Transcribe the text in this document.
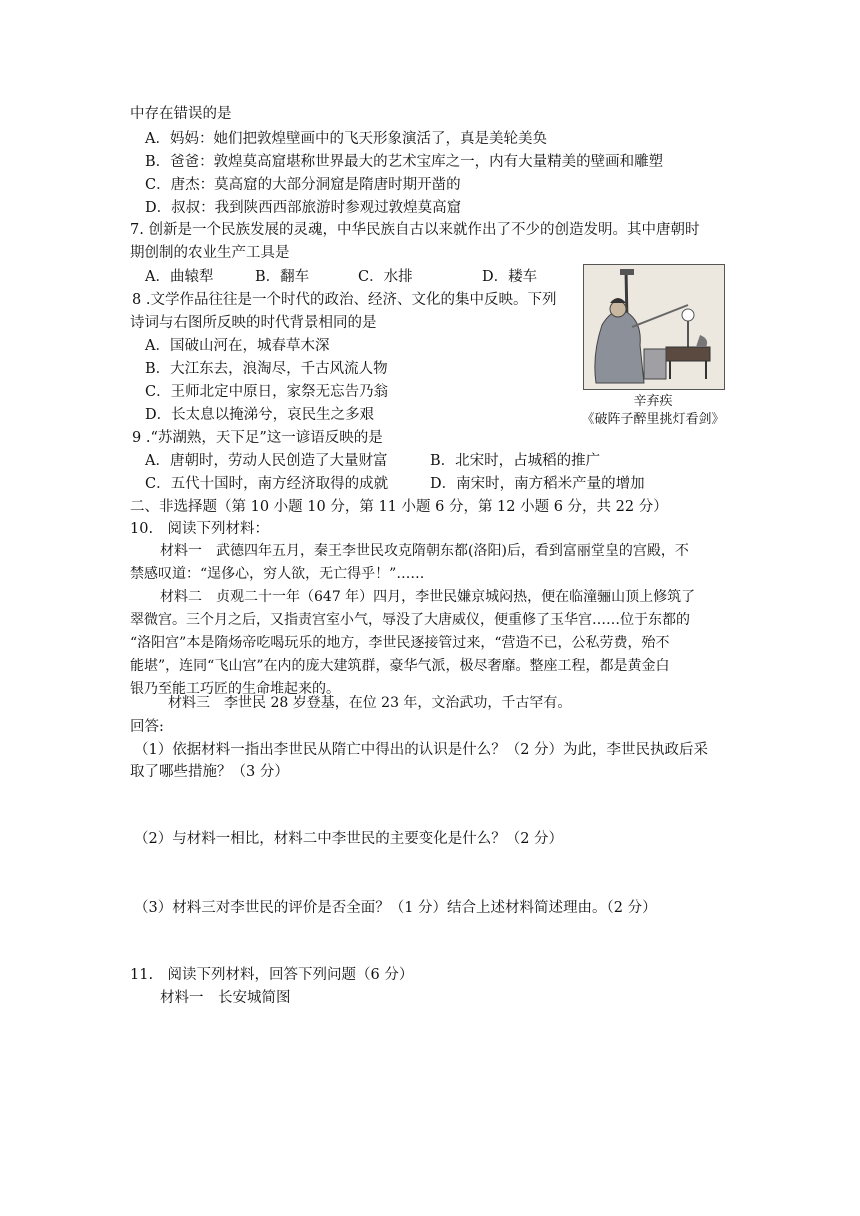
中存在错误的是
A．妈妈：她们把敦煌壁画中的飞天形象演活了，真是美轮美奂
B．爸爸：敦煌莫高窟堪称世界最大的艺术宝库之一，内有大量精美的壁画和雕塑
C．唐杰：莫高窟的大部分洞窟是隋唐时期开凿的
D．叔叔：我到陕西西部旅游时参观过敦煌莫高窟
7. 创新是一个民族发展的灵魂，中华民族自古以来就作出了不少的创造发明。其中唐朝时
期创制的农业生产工具是
A．曲辕犁	B．翻车	C．水排	D．耧车
8 .文学作品往往是一个时代的政治、经济、文化的集中反映。下列
诗词与右图所反映的时代背景相同的是
A．国破山河在，城春草木深
B．大江东去，浪淘尽，千古风流人物
C．王师北定中原日，家祭无忘告乃翁
D．长太息以掩涕兮，哀民生之多艰
辛弃疾
《破阵子醉里挑灯看剑》
9 .“苏湖熟，天下足”这一谚语反映的是
A．唐朝时，劳动人民创造了大量财富	B．北宋时，占城稻的推广
C．五代十国时，南方经济取得的成就	D．南宋时，南方稻米产量的增加
二、非选择题（第 10 小题 10 分，第 11 小题 6 分，第 12 小题 6 分，共 22 分）
10.　阅读下列材料：
材料一　武德四年五月，秦王李世民攻克隋朝东都(洛阳)后，看到富丽堂皇的宫殿，不
禁感叹道：“逞侈心，穷人欲，无亡得乎！”……
材料二　贞观二十一年（647 年）四月，李世民嫌京城闷热，便在临潼骊山顶上修筑了
翠微宫。三个月之后，又指责宫室小气，辱没了大唐威仪，便重修了玉华宫……位于东都的
“洛阳宫”本是隋炀帝吃喝玩乐的地方，李世民逐接管过来，“营造不已，公私劳费，殆不
能堪”，连同“飞山宫”在内的庞大建筑群，豪华气派，极尽奢靡。整座工程，都是黄金白
银乃至能工巧匠的生命堆起来的。
材料三　李世民 28 岁登基，在位 23 年，文治武功，千古罕有。
回答:
（1）依据材料一指出李世民从隋亡中得出的认识是什么？（2 分）为此，李世民执政后采
取了哪些措施？（3 分）
（2）与材料一相比，材料二中李世民的主要变化是什么？（2 分）
（3）材料三对李世民的评价是否全面？（1 分）结合上述材料简述理由。（2 分）
11.　阅读下列材料，回答下列问题（6 分）
材料一　长安城简图
